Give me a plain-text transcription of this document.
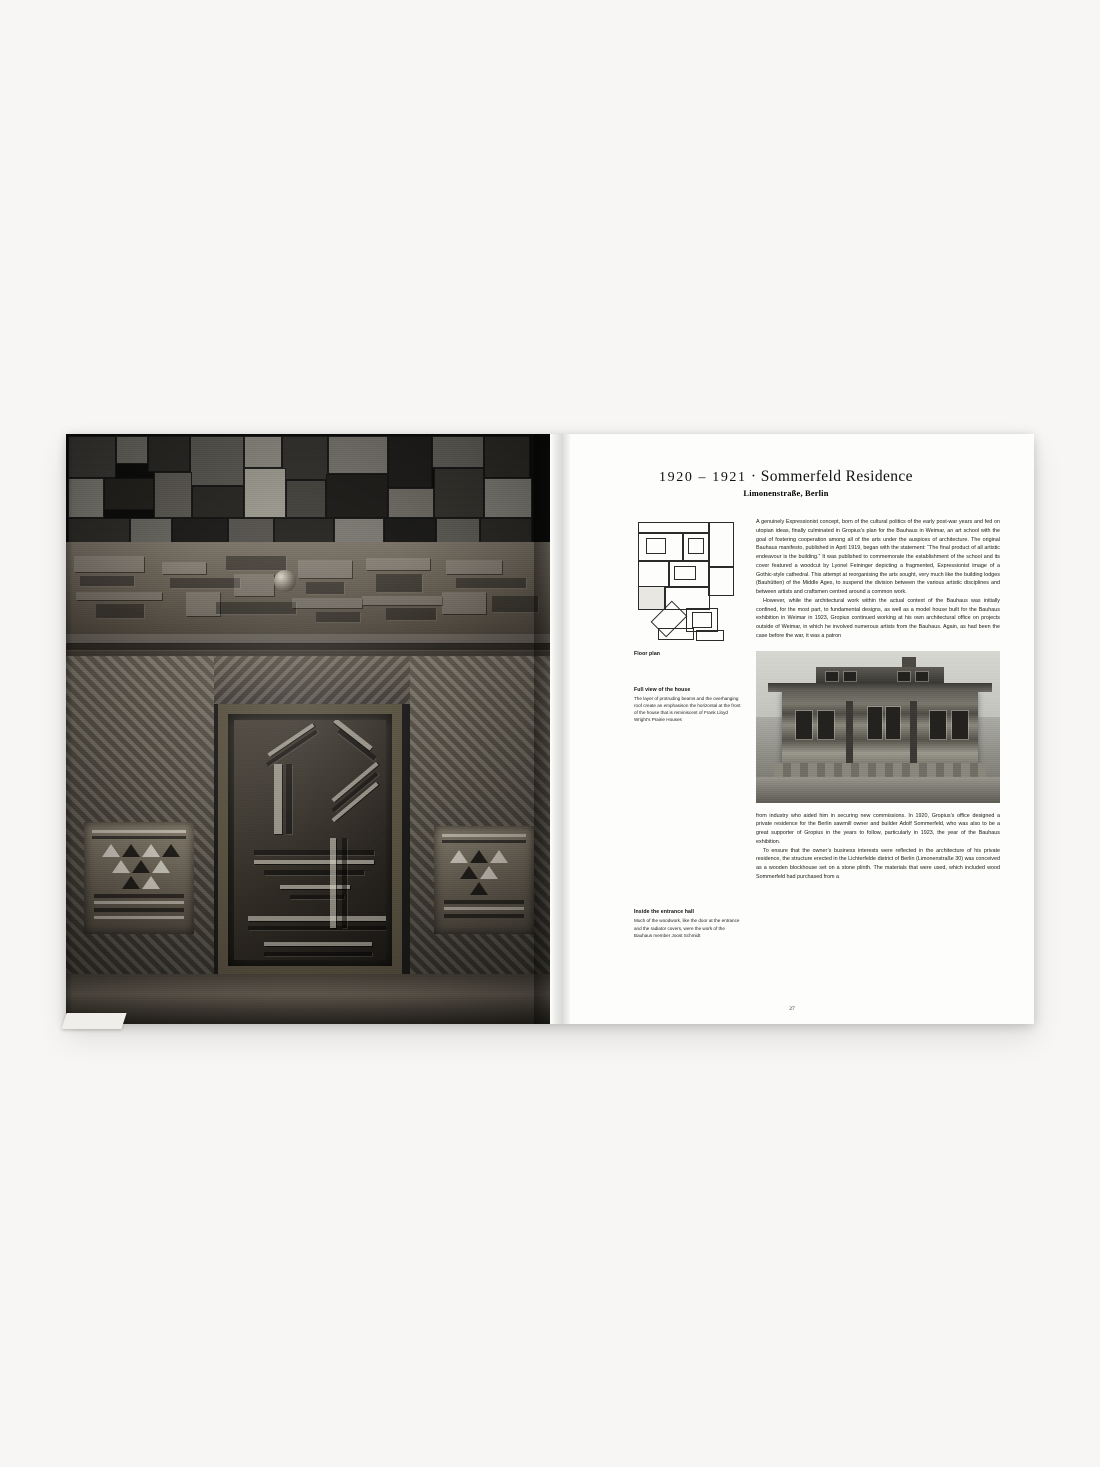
1920 – 1921 · Sommerfeld Residence
Limonenstraße, Berlin
Floor plan
Full view of the house
The layer of protruding beams and the overhanging roof create an emphasison the horizontal at the front of the house that is reminiscent of Frank Lloyd Wright’s Prairie Houses
Inside the entrance hall
Much of the woodwork, like the door at the entrance and the radiator covers, were the work of the Bauhaus member Joost Schmidt

A genuinely Expressionist concept, born of the cultural politics of the early post-war years and fed on utopian ideas, finally culminated in Gropius’s plan for the Bauhaus in Weimar, an art school with the goal of fostering cooperation among all of the arts under the auspices of architecture. The original Bauhaus manifesto, published in April 1919, began with the statement: “The final product of all artistic endeavour is the building.” It was published to commemorate the establishment of the school and its cover featured a woodcut by Lyonel Feininger depicting a fragmented, Expressionist image of a Gothic-style cathedral. This attempt at reorganising the arts sought, very much like the building lodges (Bauhütten) of the Middle Ages, to suspend the division between the various artistic disciplines and between artists and craftsmen centred around a common work.

However, while the architectural work within the actual context of the Bauhaus was initially confined, for the most part, to fundamental designs, as well as a model house built for the Bauhaus exhibition in Weimar in 1923, Gropius continued working at his own architectural office on projects outside of Weimar, in which he involved numerous artists from the Bauhaus. Again, as had been the case before the war, it was a patron

from industry who aided him in securing new commissions. In 1920, Gropius’s office designed a private residence for the Berlin sawmill owner and builder Adolf Sommerfeld, who was also to be a great supporter of Gropius in the years to follow, particularly in 1923, the year of the Bauhaus exhibition.

To ensure that the owner’s business interests were reflected in the architecture of his private residence, the structure erected in the Lichterfelde district of Berlin (Limonenstraße 30) was conceived as a wooden blockhouse set on a stone plinth. The materials that were used, which included wood Sommerfeld had purchased from a

27
